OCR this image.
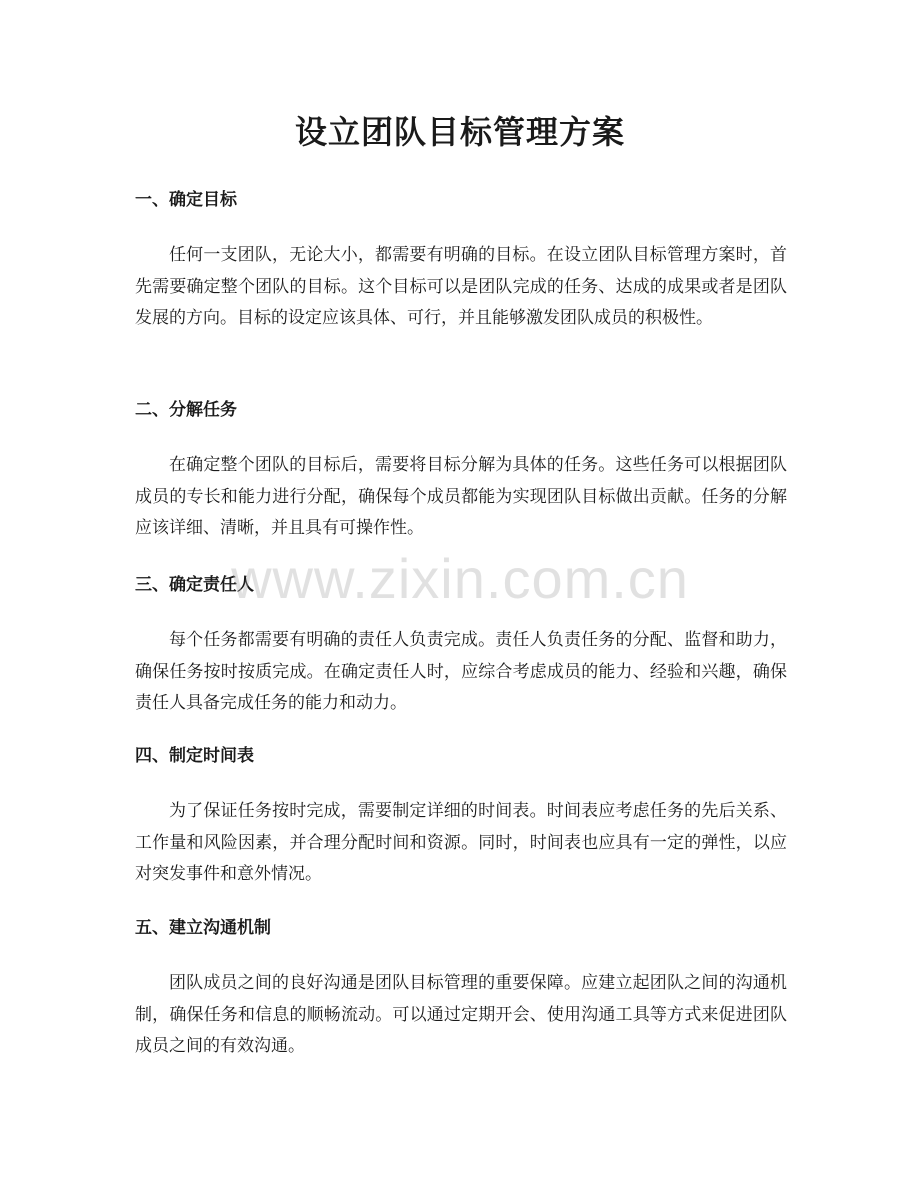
设立团队目标管理方案
一、确定目标

任何一支团队，无论大小，都需要有明确的目标。在设立团队目标管理方案时，首先需要确定整个团队的目标。这个目标可以是团队完成的任务、达成的成果或者是团队发展的方向。目标的设定应该具体、可行，并且能够激发团队成员的积极性。

二、分解任务

在确定整个团队的目标后，需要将目标分解为具体的任务。这些任务可以根据团队成员的专长和能力进行分配，确保每个成员都能为实现团队目标做出贡献。任务的分解应该详细、清晰，并且具有可操作性。

三、确定责任人

每个任务都需要有明确的责任人负责完成。责任人负责任务的分配、监督和助力，确保任务按时按质完成。在确定责任人时，应综合考虑成员的能力、经验和兴趣，确保责任人具备完成任务的能力和动力。

四、制定时间表

为了保证任务按时完成，需要制定详细的时间表。时间表应考虑任务的先后关系、工作量和风险因素，并合理分配时间和资源。同时，时间表也应具有一定的弹性，以应对突发事件和意外情况。

五、建立沟通机制

团队成员之间的良好沟通是团队目标管理的重要保障。应建立起团队之间的沟通机制，确保任务和信息的顺畅流动。可以通过定期开会、使用沟通工具等方式来促进团队成员之间的有效沟通。

www.zixin.com.cn
